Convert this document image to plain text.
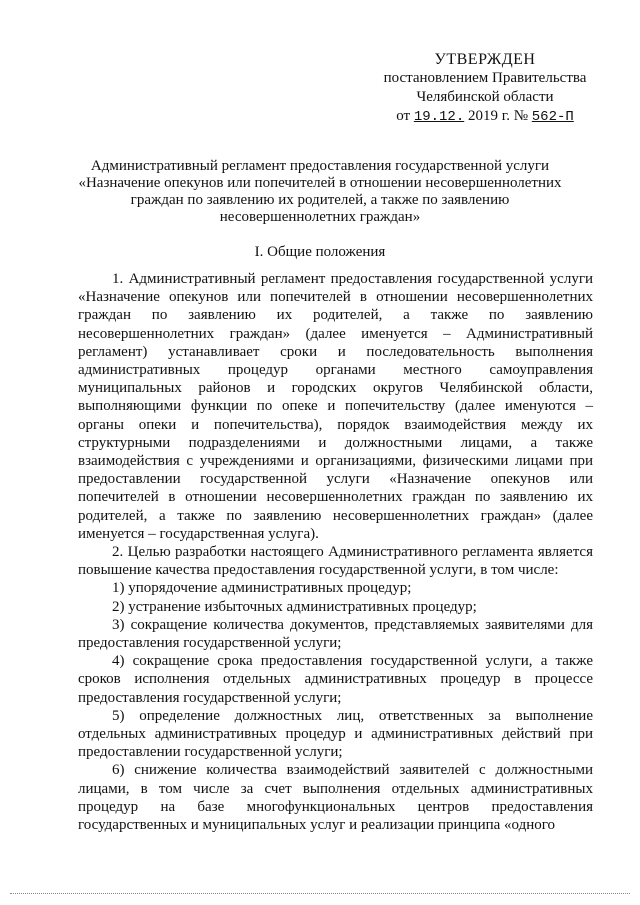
УТВЕРЖДЕН
постановлением Правительства
Челябинской области
от 19.12. 2019 г. № 562-П
Административный регламент предоставления государственной услуги
«Назначение опекунов или попечителей в отношении несовершеннолетних
граждан по заявлению их родителей, а также по заявлению
несовершеннолетних граждан»
I. Общие положения

1. Административный регламент предоставления государственной услуги «Назначение опекунов или попечителей в отношении несовершеннолетних граждан по заявлению их родителей, а также по заявлению несовершеннолетних граждан» (далее именуется – Административный регламент) устанавливает сроки и последовательность выполнения административных процедур органами местного самоуправления муниципальных районов и городских округов Челябинской области, выполняющими функции по опеке и попечительству (далее именуются – органы опеки и попечительства), порядок взаимодействия между их структурными подразделениями и должностными лицами, а также взаимодействия с учреждениями и организациями, физическими лицами при предоставлении государственной услуги «Назначение опекунов или попечителей в отношении несовершеннолетних граждан по заявлению их родителей, а также по заявлению несовершеннолетних граждан» (далее именуется – государственная услуга).

2. Целью разработки настоящего Административного регламента является повышение качества предоставления государственной услуги, в том числе:

1) упорядочение административных процедур;

2) устранение избыточных административных процедур;

3) сокращение количества документов, представляемых заявителями для предоставления государственной услуги;

4) сокращение срока предоставления государственной услуги, а также сроков исполнения отдельных административных процедур в процессе предоставления государственной услуги;

5) определение должностных лиц, ответственных за выполнение отдельных административных процедур и административных действий при предоставлении государственной услуги;

6) снижение количества взаимодействий заявителей с должностными лицами, в том числе за счет выполнения отдельных административных процедур на базе многофункциональных центров предоставления государственных и муниципальных услуг и реализации принципа «одного
